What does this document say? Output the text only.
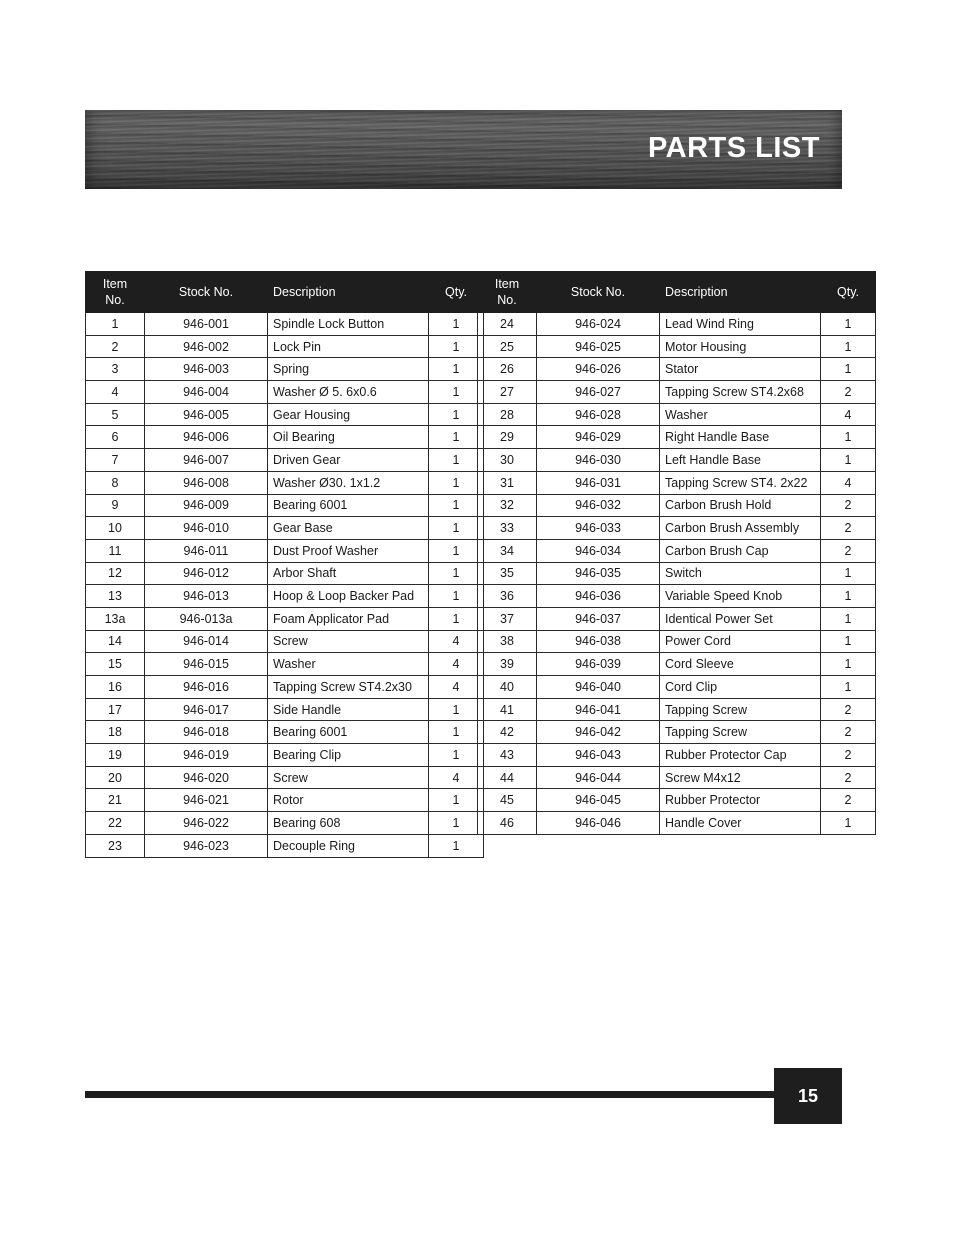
PARTS LIST
Item
No.	Stock No.	Description	Qty.
1	946-001	Spindle Lock Button	1
2	946-002	Lock Pin	1
3	946-003	Spring	1
4	946-004	Washer Ø 5. 6x0.6	1
5	946-005	Gear Housing	1
6	946-006	Oil Bearing	1
7	946-007	Driven Gear	1
8	946-008	Washer Ø30. 1x1.2	1
9	946-009	Bearing 6001	1
10	946-010	Gear Base	1
11	946-011	Dust Proof Washer	1
12	946-012	Arbor Shaft	1
13	946-013	Hoop & Loop Backer Pad	1
13a	946-013a	Foam Applicator Pad	1
14	946-014	Screw	4
15	946-015	Washer	4
16	946-016	Tapping Screw ST4.2x30	4
17	946-017	Side Handle	1
18	946-018	Bearing 6001	1
19	946-019	Bearing Clip	1
20	946-020	Screw	4
21	946-021	Rotor	1
22	946-022	Bearing 608	1
23	946-023	Decouple Ring	1
Item
No.	Stock No.	Description	Qty.
24	946-024	Lead Wind Ring	1
25	946-025	Motor Housing	1
26	946-026	Stator	1
27	946-027	Tapping Screw ST4.2x68	2
28	946-028	Washer	4
29	946-029	Right Handle Base	1
30	946-030	Left Handle Base	1
31	946-031	Tapping Screw ST4. 2x22	4
32	946-032	Carbon Brush Hold	2
33	946-033	Carbon Brush Assembly	2
34	946-034	Carbon Brush Cap	2
35	946-035	Switch	1
36	946-036	Variable Speed Knob	1
37	946-037	Identical Power Set	1
38	946-038	Power Cord	1
39	946-039	Cord Sleeve	1
40	946-040	Cord Clip	1
41	946-041	Tapping Screw	2
42	946-042	Tapping Screw	2
43	946-043	Rubber Protector Cap	2
44	946-044	Screw M4x12	2
45	946-045	Rubber Protector	2
46	946-046	Handle Cover	1
15
